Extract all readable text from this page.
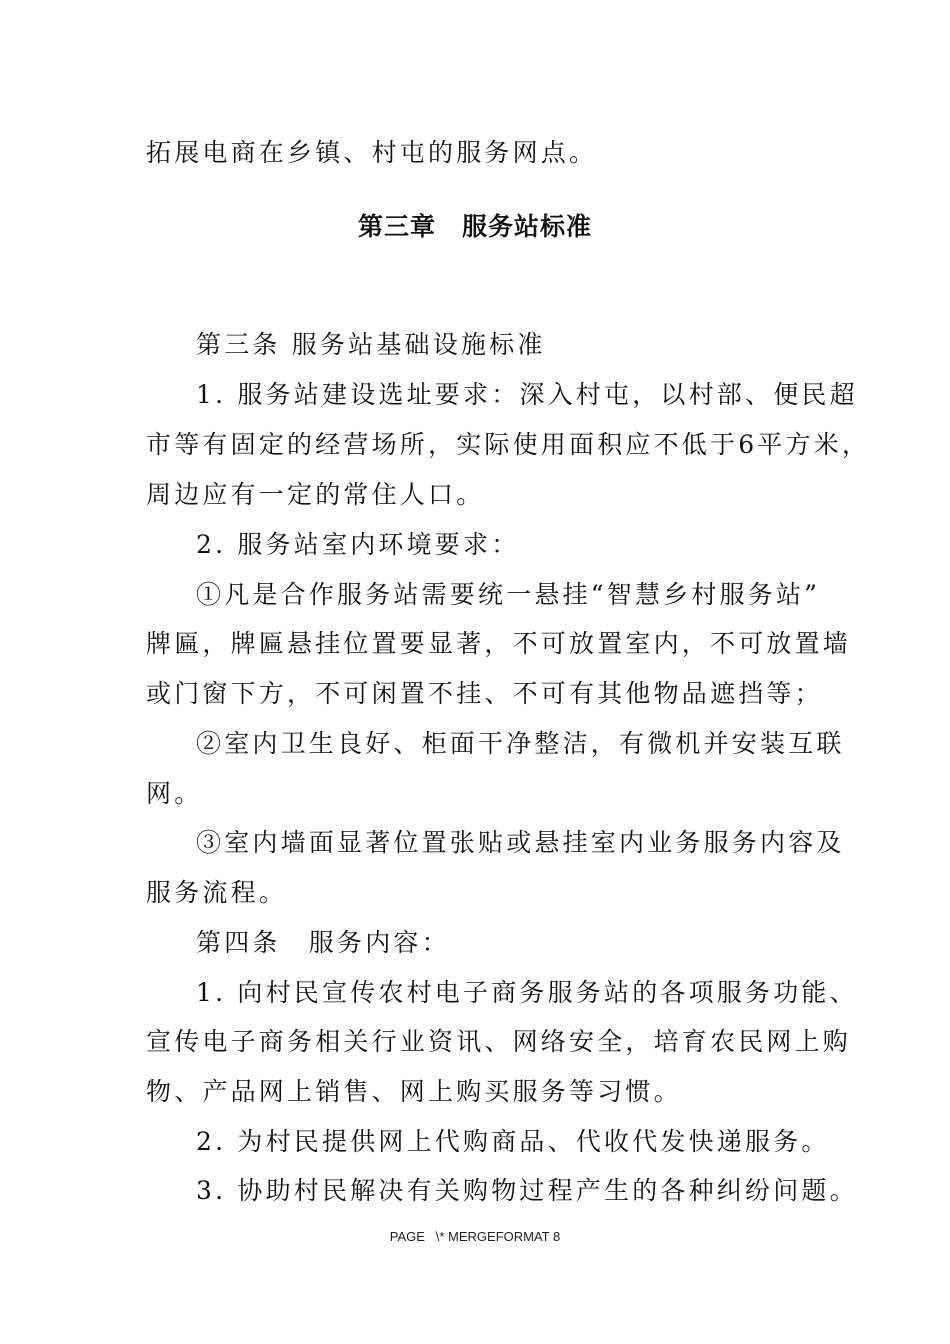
拓展电商在乡镇、村屯的服务网点。
第三章　服务站标准
第三条 服务站基础设施标准
1. 服务站建设选址要求：深入村屯，以村部、便民超
市等有固定的经营场所，实际使用面积应不低于6平方米，
周边应有一定的常住人口。
2. 服务站室内环境要求：
①凡是合作服务站需要统一悬挂“智慧乡村服务站”
牌匾，牌匾悬挂位置要显著，不可放置室内，不可放置墙
或门窗下方，不可闲置不挂、不可有其他物品遮挡等；
②室内卫生良好、柜面干净整洁，有微机并安装互联
网。
③室内墙面显著位置张贴或悬挂室内业务服务内容及
服务流程。
第四条　服务内容：
1. 向村民宣传农村电子商务服务站的各项服务功能、
宣传电子商务相关行业资讯、网络安全，培育农民网上购
物、产品网上销售、网上购买服务等习惯。
2. 为村民提供网上代购商品、代收代发快递服务。
3. 协助村民解决有关购物过程产生的各种纠纷问题。
PAGE   \* MERGEFORMAT 8
